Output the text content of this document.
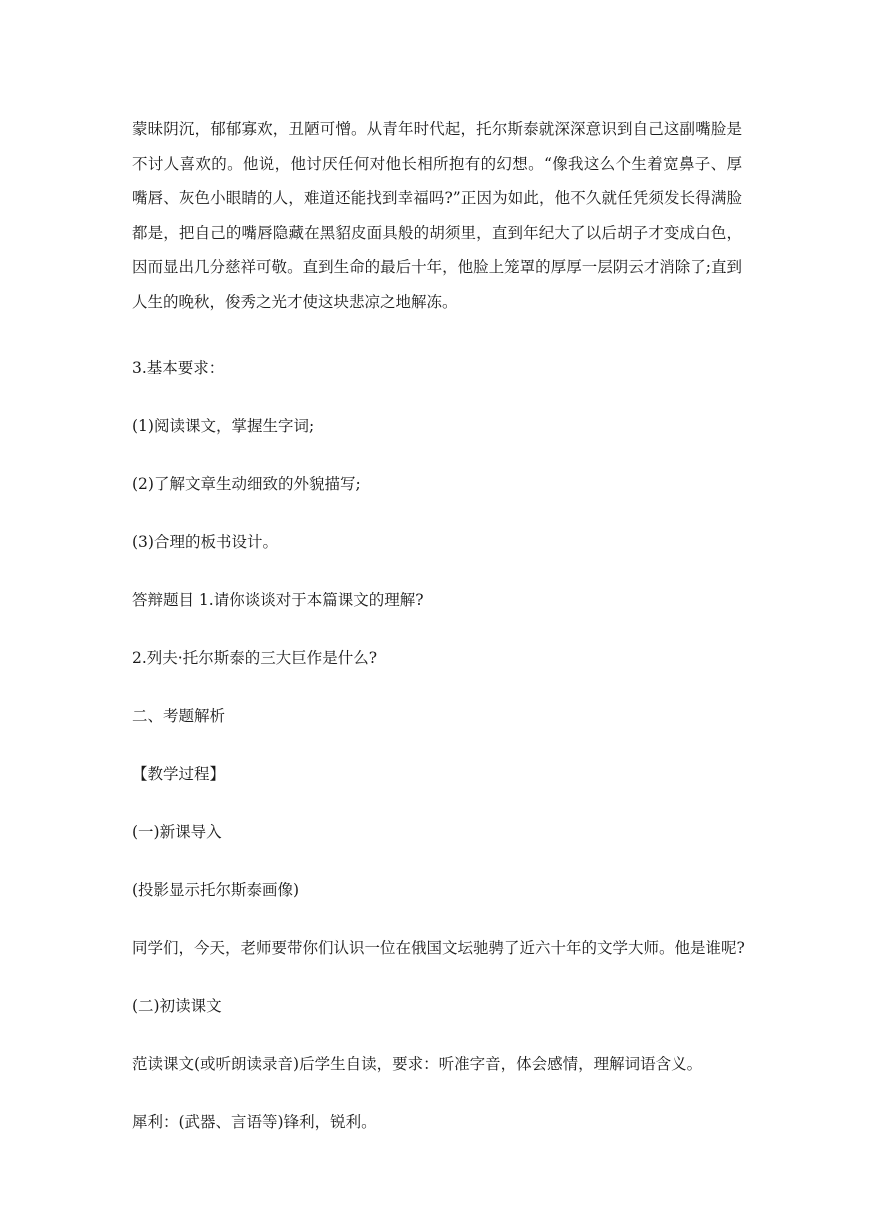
蒙昧阴沉，郁郁寡欢，丑陋可憎。从青年时代起，托尔斯泰就深深意识到自己这副嘴脸是不讨人喜欢的。他说，他讨厌任何对他长相所抱有的幻想。“像我这么个生着宽鼻子、厚嘴唇、灰色小眼睛的人，难道还能找到幸福吗?”正因为如此，他不久就任凭须发长得满脸都是，把自己的嘴唇隐藏在黑貂皮面具般的胡须里，直到年纪大了以后胡子才变成白色，因而显出几分慈祥可敬。直到生命的最后十年，他脸上笼罩的厚厚一层阴云才消除了;直到人生的晚秋，俊秀之光才使这块悲凉之地解冻。

3.基本要求：

(1)阅读课文，掌握生字词;

(2)了解文章生动细致的外貌描写;

(3)合理的板书设计。

答辩题目 1.请你谈谈对于本篇课文的理解?

2.列夫·托尔斯泰的三大巨作是什么?

二、考题解析

【教学过程】

(一)新课导入

(投影显示托尔斯泰画像)

同学们，今天，老师要带你们认识一位在俄国文坛驰骋了近六十年的文学大师。他是谁呢?

(二)初读课文

范读课文(或听朗读录音)后学生自读，要求：听准字音，体会感情，理解词语含义。

犀利：(武器、言语等)锋利，锐利。
